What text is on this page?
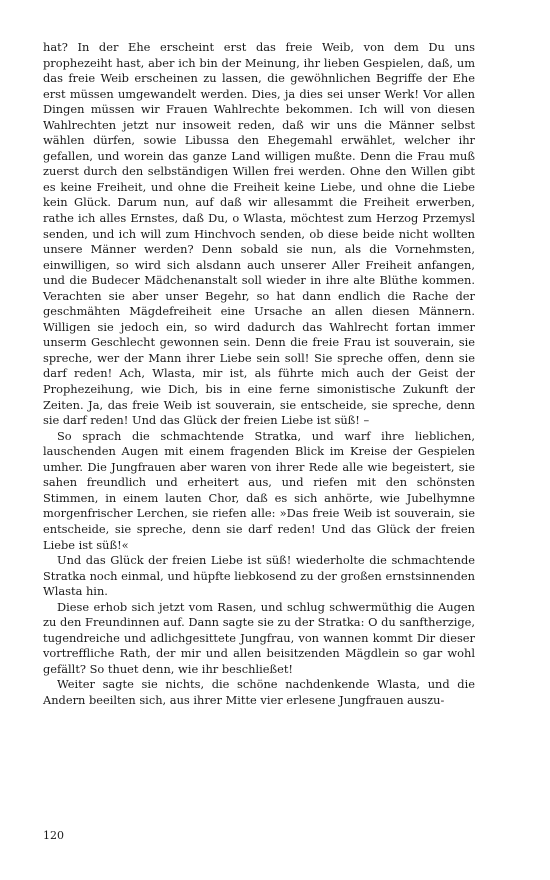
hat? In der Ehe erscheint erst das freie Weib, von dem Du uns prophezeiht hast, aber ich bin der Meinung, ihr lieben Gespielen, daß, um das freie Weib erscheinen zu lassen, die gewöhnlichen Begriffe der Ehe erst müssen umgewandelt werden. Dies, ja dies sei unser Werk! Vor allen Dingen müssen wir Frauen Wahlrechte bekommen. Ich will von diesen Wahlrechten jetzt nur insoweit reden, daß wir uns die Männer selbst wählen dürfen, sowie Libussa den Ehegemahl erwählet, welcher ihr gefallen, und worein das ganze Land willigen mußte. Denn die Frau muß zuerst durch den selbständigen Willen frei werden. Ohne den Willen gibt es keine Freiheit, und ohne die Freiheit keine Liebe, und ohne die Liebe kein Glück. Darum nun, auf daß wir allesammt die Freiheit erwerben, rathe ich alles Ernstes, daß Du, o Wlasta, möchtest zum Herzog Przemysl senden, und ich will zum Hinchvoch senden, ob diese beide nicht wollten unsere Männer werden? Denn sobald sie nun, als die Vornehmsten, einwilligen, so wird sich alsdann auch unserer Aller Freiheit anfangen, und die Budecer Mädchenanstalt soll wieder in ihre alte Blüthe kommen. Verachten sie aber unser Begehr, so hat dann endlich die Rache der geschmähten Mägdefreiheit eine Ursache an allen diesen Männern. Willigen sie jedoch ein, so wird dadurch das Wahlrecht fortan immer unserm Geschlecht gewonnen sein. Denn die freie Frau ist souverain, sie spreche, wer der Mann ihrer Liebe sein soll! Sie spreche offen, denn sie darf reden! Ach, Wlasta, mir ist, als führte mich auch der Geist der Prophezeihung, wie Dich, bis in eine ferne simonistische Zukunft der Zeiten. Ja, das freie Weib ist souverain, sie entscheide, sie spreche, denn sie darf reden! Und das Glück der freien Liebe ist süß! –

So sprach die schmachtende Stratka, und warf ihre lieblichen, lauschenden Augen mit einem fragenden Blick im Kreise der Gespielen umher. Die Jungfrauen aber waren von ihrer Rede alle wie begeistert, sie sahen freundlich und erheitert aus, und riefen mit den schönsten Stimmen, in einem lauten Chor, daß es sich anhörte, wie Jubelhymne morgenfrischer Lerchen, sie riefen alle: »Das freie Weib ist souverain, sie entscheide, sie spreche, denn sie darf reden! Und das Glück der freien Liebe ist süß!«

Und das Glück der freien Liebe ist süß! wiederholte die schmachtende Stratka noch einmal, und hüpfte liebkosend zu der großen ernstsinnenden Wlasta hin.

Diese erhob sich jetzt vom Rasen, und schlug schwermüthig die Augen zu den Freundinnen auf. Dann sagte sie zu der Stratka: O du sanftherzige, tugendreiche und adlichgesittete Jungfrau, von wannen kommt Dir dieser vortreffliche Rath, der mir und allen beisitzenden Mägdlein so gar wohl gefällt? So thuet denn, wie ihr beschließet!

Weiter sagte sie nichts, die schöne nachdenkende Wlasta, und die Andern beeilten sich, aus ihrer Mitte vier erlesene Jungfrauen auszu-

120
